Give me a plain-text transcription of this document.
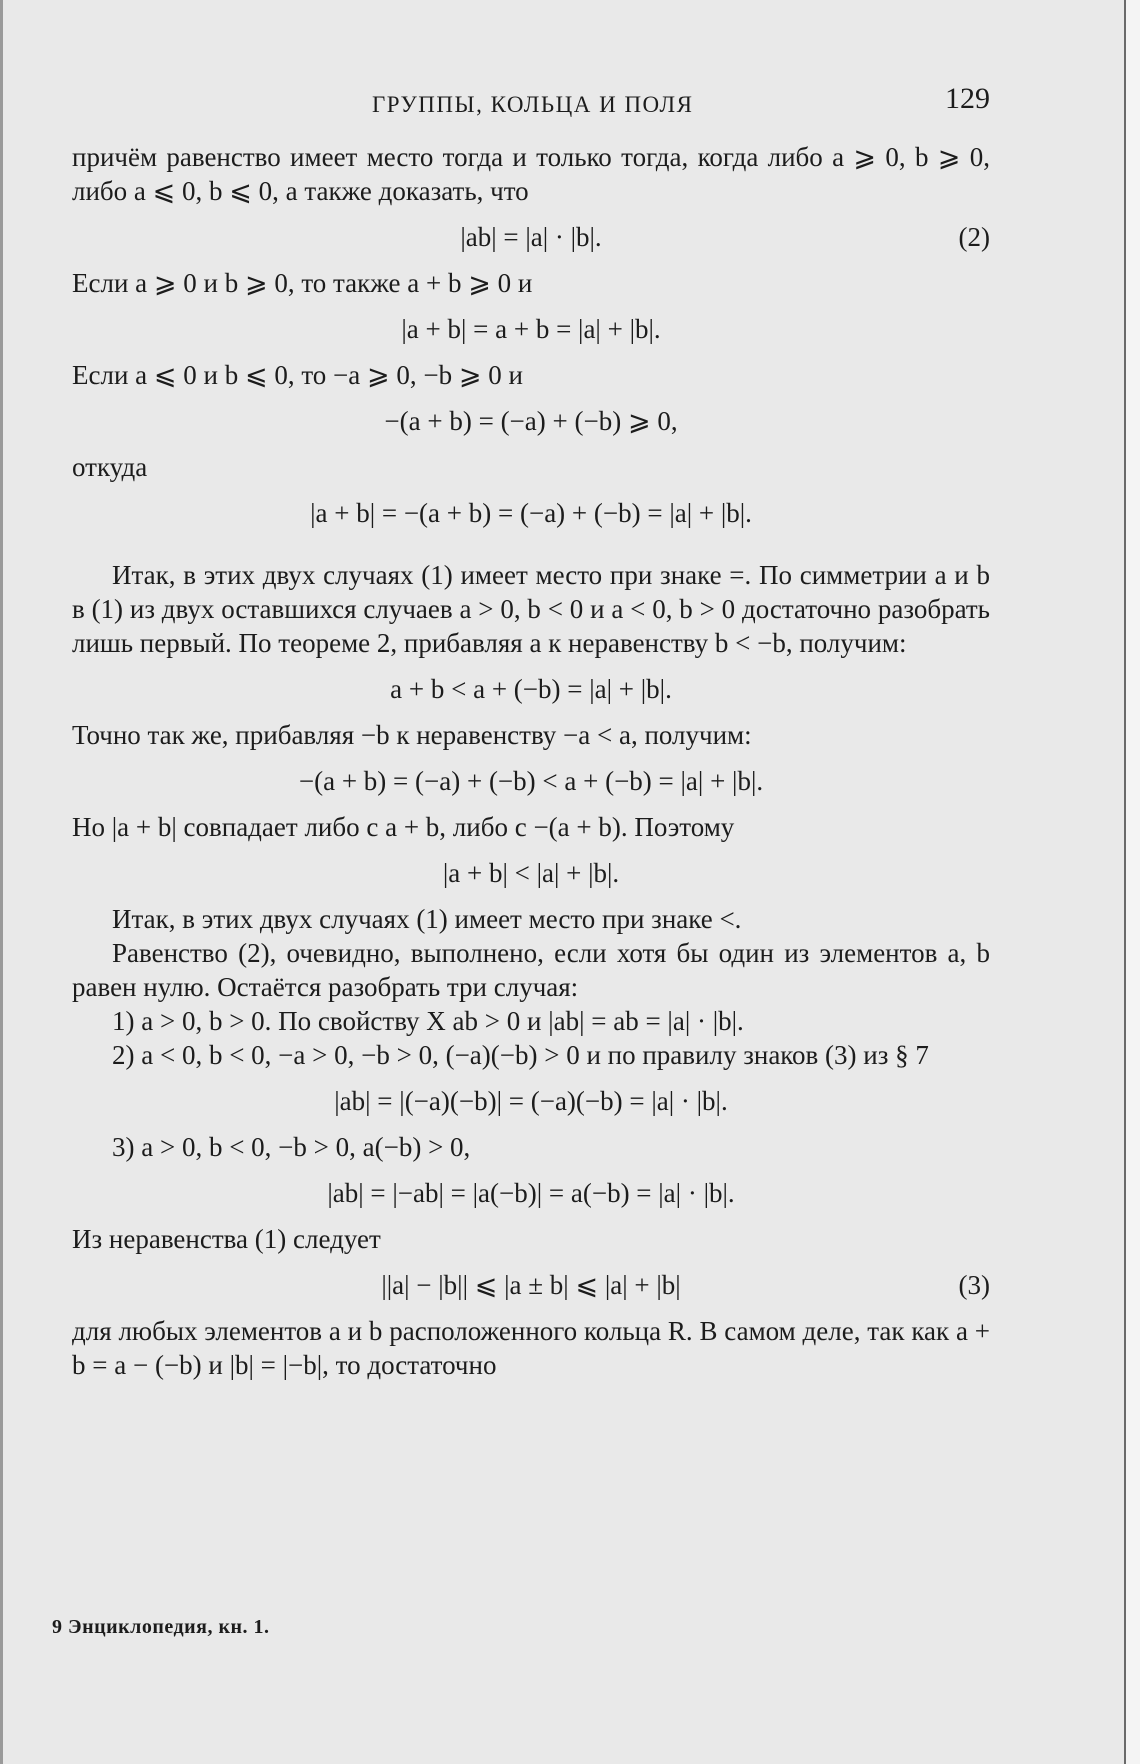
ГРУППЫ, КОЛЬЦА И ПОЛЯ	129

причём равенство имеет место тогда и только тогда, когда либо a ⩾ 0, b ⩾ 0, либо a ⩽ 0, b ⩽ 0, а также доказать, что

|ab| = |a| · |b|.	(2)

Если a ⩾ 0 и b ⩾ 0, то также a + b ⩾ 0 и

|a + b| = a + b = |a| + |b|.

Если a ⩽ 0 и b ⩽ 0, то −a ⩾ 0, −b ⩾ 0 и

−(a + b) = (−a) + (−b) ⩾ 0,

откуда

|a + b| = −(a + b) = (−a) + (−b) = |a| + |b|.

Итак, в этих двух случаях (1) имеет место при знаке =. По симметрии a и b в (1) из двух оставшихся случаев a > 0, b < 0 и a < 0, b > 0 достаточно разобрать лишь первый. По теореме 2, прибавляя a к неравенству b < −b, получим:

a + b < a + (−b) = |a| + |b|.

Точно так же, прибавляя −b к неравенству −a < a, получим:

−(a + b) = (−a) + (−b) < a + (−b) = |a| + |b|.

Но |a + b| совпадает либо с a + b, либо с −(a + b). Поэтому

|a + b| < |a| + |b|.

Итак, в этих двух случаях (1) имеет место при знаке <.

Равенство (2), очевидно, выполнено, если хотя бы один из элементов a, b равен нулю. Остаётся разобрать три случая:

1) a > 0, b > 0. По свойству X ab > 0 и |ab| = ab = |a| · |b|.

2) a < 0, b < 0, −a > 0, −b > 0, (−a)(−b) > 0 и по правилу знаков (3) из § 7

|ab| = |(−a)(−b)| = (−a)(−b) = |a| · |b|.

3) a > 0, b < 0, −b > 0, a(−b) > 0,

|ab| = |−ab| = |a(−b)| = a(−b) = |a| · |b|.

Из неравенства (1) следует

||a| − |b|| ⩽ |a ± b| ⩽ |a| + |b|	(3)

для любых элементов a и b расположенного кольца R. В самом деле, так как a + b = a − (−b) и |b| = |−b|, то достаточно

9 Энциклопедия, кн. 1.
